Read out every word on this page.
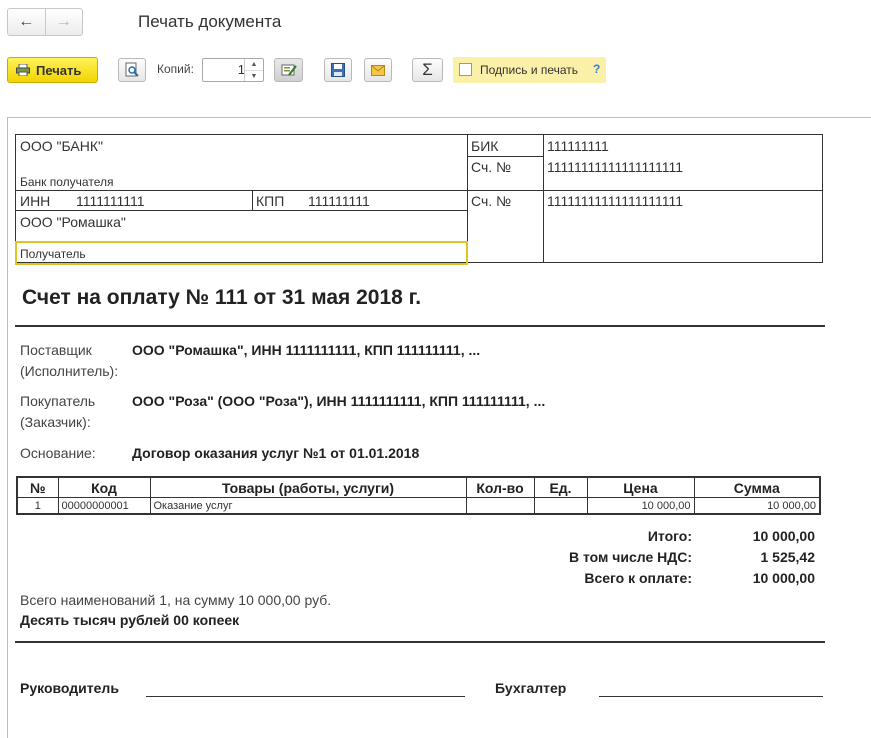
←	→	Печать документа
Печать	Копий:	1 ▲
▼	Σ	Подпись и печать ?
ООО "БАНК"
Банк получателя
БИК	111111111
Сч. №	11111111111111111111
ИНН 1111111111	КПП 111111111	Сч. №	11111111111111111111
ООО "Ромашка"
Получатель
Счет на оплату № 111 от 31 мая 2018 г.
Поставщик
(Исполнитель):
ООО "Ромашка", ИНН 1111111111, КПП 111111111, ...
Покупатель
(Заказчик):
ООО "Роза" (ООО "Роза"), ИНН 1111111111, КПП 111111111, ...
Основание:	Договор оказания услуг №1 от 01.01.2018
№	Код	Товары (работы, услуги)	Кол-во	Ед.	Цена	Сумма
1	00000000001	Оказание услуг			10 000,00	10 000,00
Итого:	10 000,00
В том числе НДС:	1 525,42
Всего к оплате:	10 000,00
Всего наименований 1, на сумму 10 000,00 руб.
Десять тысяч рублей 00 копеек
Руководитель	Бухгалтер
